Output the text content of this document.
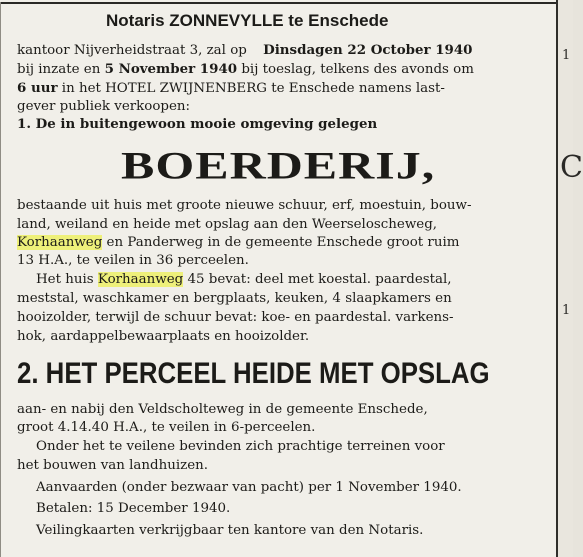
C
1
1
Notaris ZONNEVYLLE te Enschede
kantoor Nijverheidstraat 3, zal op Dinsdagen 22 October 1940
bij inzate en 5 November 1940 bij toeslag, telkens des avonds om
6 uur in het HOTEL ZWIJNENBERG te Enschede namens last-
gever publiek verkoopen:
1. De in buitengewoon mooie omgeving gelegen
BOERDERIJ,
bestaande uit huis met groote nieuwe schuur, erf, moestuin, bouw-
land, weiland en heide met opslag aan den Weerseloscheweg,
Korhaanweg en Panderweg in de gemeente Enschede groot ruim
13 H.A., te veilen in 36 perceelen.
Het huis Korhaanweg 45 bevat: deel met koestal. paardestal,
meststal, waschkamer en bergplaats, keuken, 4 slaapkamers en
hooizolder, terwijl de schuur bevat: koe- en paardestal. varkens-
hok, aardappelbewaarplaats en hooizolder.
2. HET PERCEEL HEIDE MET OPSLAG
aan- en nabij den Veldscholteweg in de gemeente Enschede,
groot 4.14.40 H.A., te veilen in 6-perceelen.
Onder het te veilene bevinden zich prachtige terreinen voor
het bouwen van landhuizen.
Aanvaarden (onder bezwaar van pacht) per 1 November 1940.
Betalen: 15 December 1940.
Veilingkaarten verkrijgbaar ten kantore van den Notaris.
